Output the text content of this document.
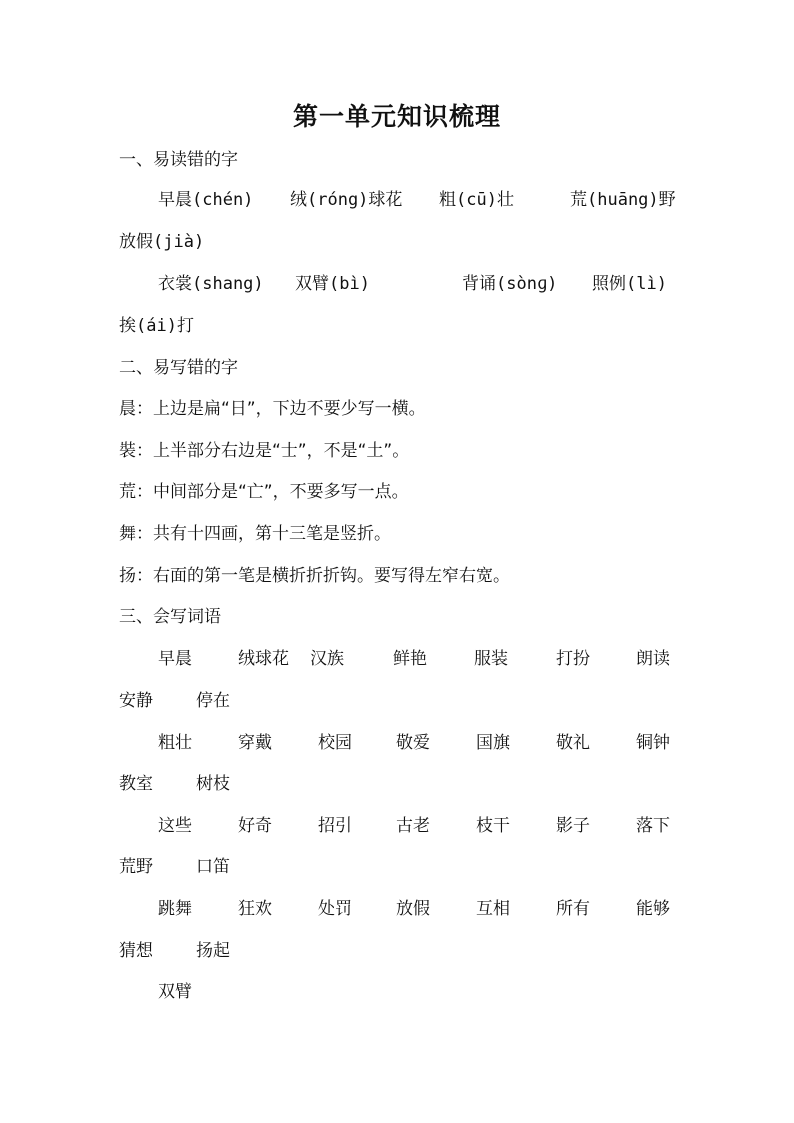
第一单元知识梳理
一、易读错的字
早晨(chén) 绒(róng)球花 粗(cū)壮	荒(huāng)野
放假(jià)
衣裳(shang) 双臂(bì)	背诵(sònɡ) 照例(lì)
挨(ái)打
二、易写错的字
晨：上边是扁“日”，下边不要少写一横。
裝：上半部分右边是“士”，不是“土”。
荒：中间部分是“亡”，不要多写一点。
舞：共有十四画，第十三笔是竖折。
扬：右面的第一笔是横折折折钩。要写得左窄右宽。
三、会写词语
早晨	绒球花 汉族	鲜艳	服装	打扮	朗读
安静	停在
粗壮	穿戴	校园	敬爱	国旗	敬礼	铜钟
教室	树枝
这些	好奇	招引	古老	枝干	影子	落下
荒野	口笛
跳舞	狂欢	处罚	放假	互相	所有	能够
猜想	扬起
双臂
